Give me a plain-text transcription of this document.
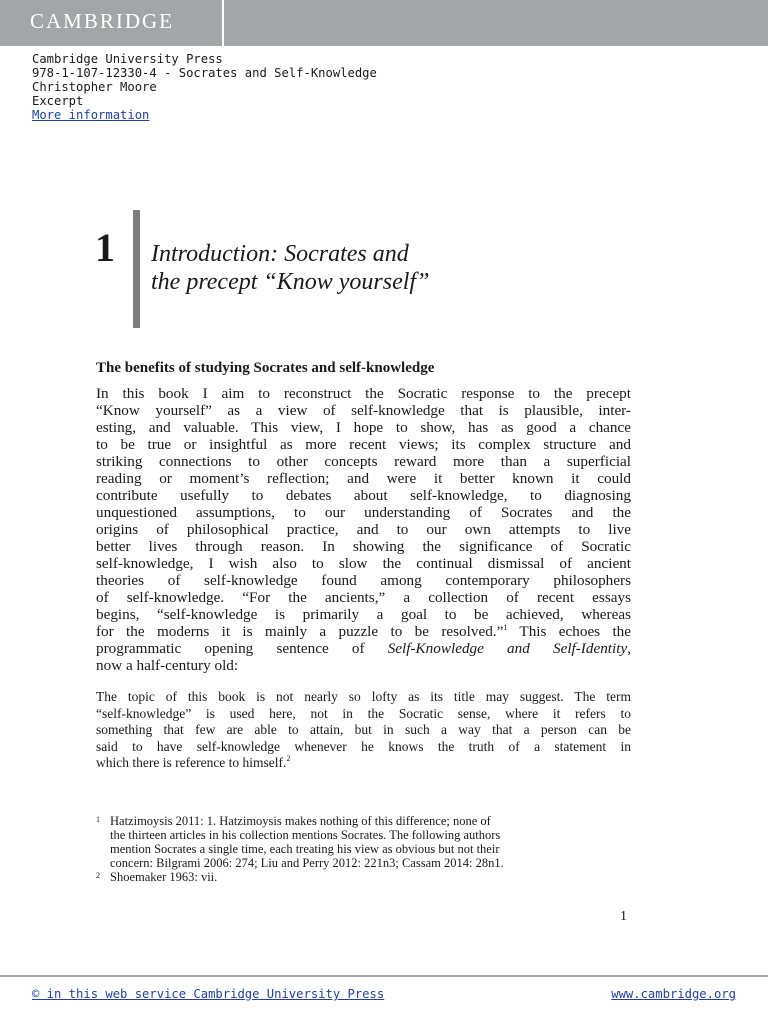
CAMBRIDGE
Cambridge University Press
978-1-107-12330-4 - Socrates and Self-Knowledge
Christopher Moore
Excerpt
More information
1 Introduction: Socrates and
the precept “Know yourself”
The benefits of studying Socrates and self-knowledge
In this book I aim to reconstruct the Socratic response to the precept
“Know yourself” as a view of self-knowledge that is plausible, inter-
esting, and valuable. This view, I hope to show, has as good a chance
to be true or insightful as more recent views; its complex structure and
striking connections to other concepts reward more than a superficial
reading or moment’s reflection; and were it better known it could
contribute usefully to debates about self-knowledge, to diagnosing
unquestioned assumptions, to our understanding of Socrates and the
origins of philosophical practice, and to our own attempts to live
better lives through reason. In showing the significance of Socratic
self-knowledge, I wish also to slow the continual dismissal of ancient
theories of self-knowledge found among contemporary philosophers
of self-knowledge. “For the ancients,” a collection of recent essays
begins, “self-knowledge is primarily a goal to be achieved, whereas
for the moderns it is mainly a puzzle to be resolved.”$^1$ This echoes the
programmatic opening sentence of Self-Knowledge and Self-Identity,
now a half-century old:
The topic of this book is not nearly so lofty as its title may suggest. The term
“self-knowledge” is used here, not in the Socratic sense, where it refers to
something that few are able to attain, but in such a way that a person can be
said to have self-knowledge whenever he knows the truth of a statement in
which there is reference to himself.$^2$
1 Hatzimoysis 2011: 1. Hatzimoysis makes nothing of this difference; none of
the thirteen articles in his collection mentions Socrates. The following authors
mention Socrates a single time, each treating his view as obvious but not their
concern: Bilgrami 2006: 274; Liu and Perry 2012: 221n3; Cassam 2014: 28n1.
2 Shoemaker 1963: vii.
1
© in this web service Cambridge University Press	www.cambridge.org
